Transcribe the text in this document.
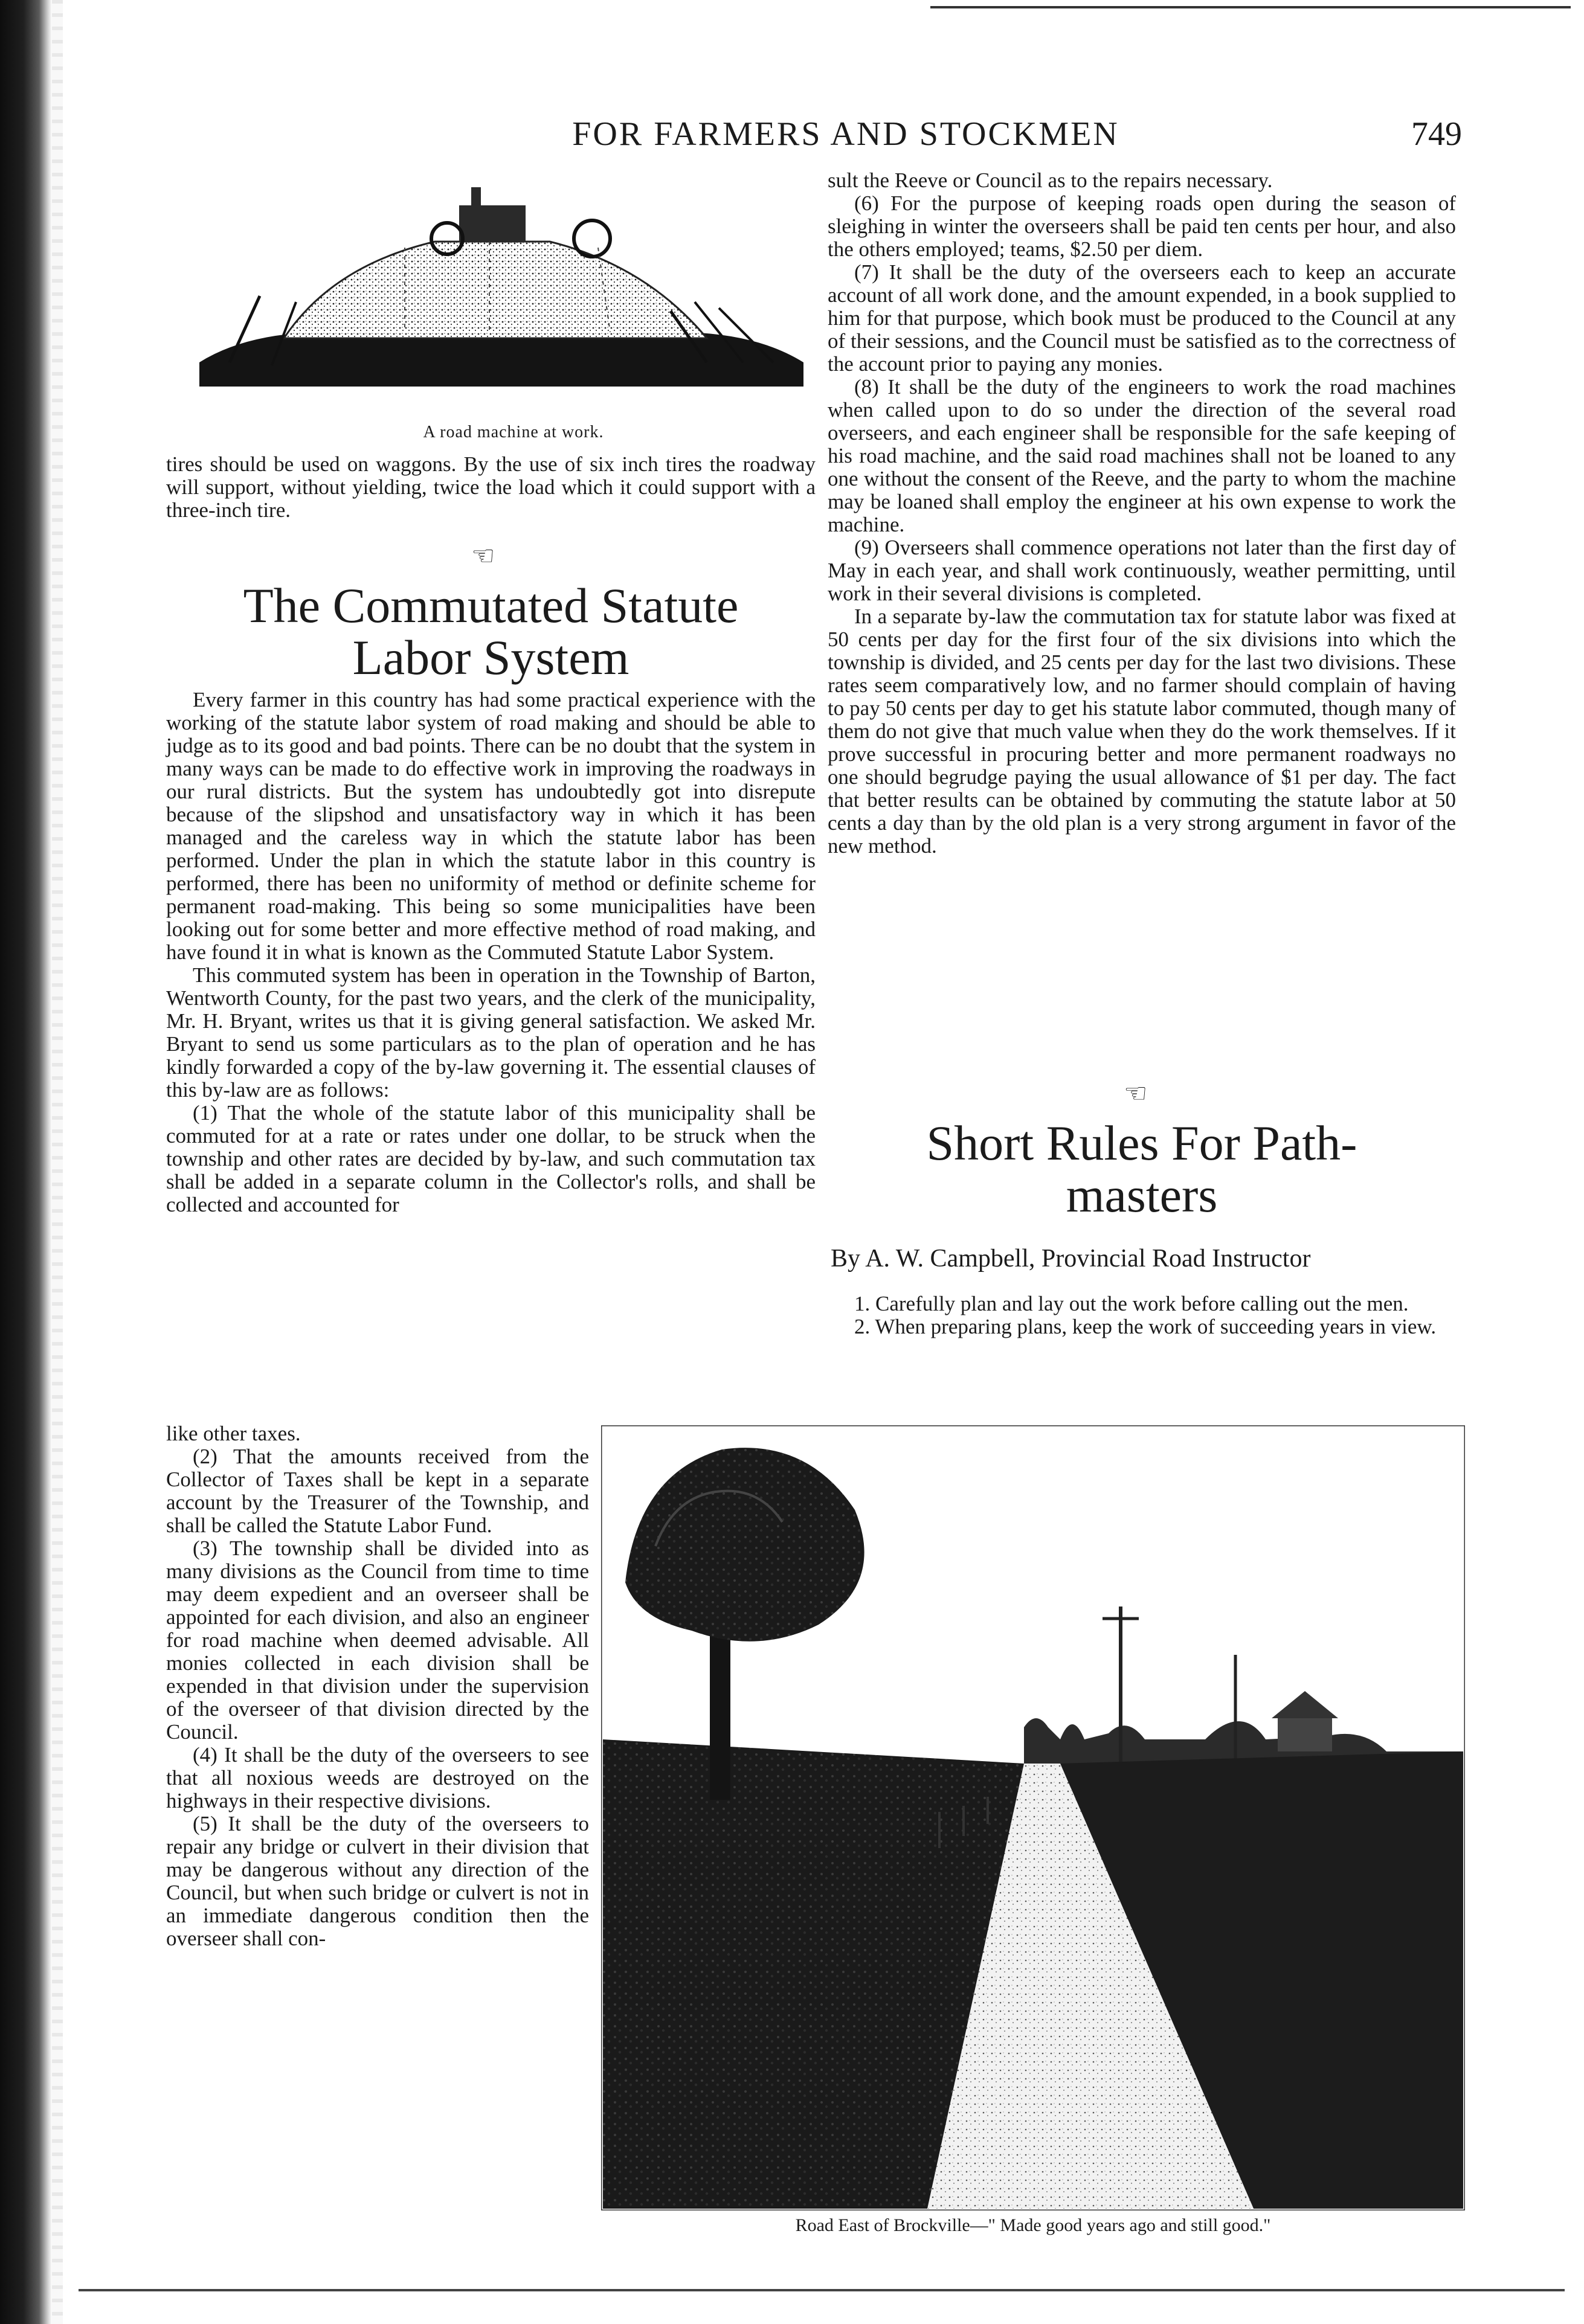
FOR FARMERS AND STOCKMEN	749
A road machine at work.

tires should be used on waggons. By the use of six inch tires the roadway will support, without yielding, twice the load which it could support with a three-inch tire.

☜
The Commutated Statute
Labor System

Every farmer in this country has had some practical experience with the working of the statute labor system of road making and should be able to judge as to its good and bad points. There can be no doubt that the system in many ways can be made to do effective work in improving the roadways in our rural districts. But the system has undoubtedly got into disrepute because of the slipshod and unsatisfactory way in which it has been managed and the careless way in which the statute labor has been performed. Under the plan in which the statute labor in this country is performed, there has been no uniformity of method or definite scheme for permanent road-making. This being so some municipalities have been looking out for some better and more effective method of road making, and have found it in what is known as the Commuted Statute Labor System.

This commuted system has been in operation in the Township of Barton, Wentworth County, for the past two years, and the clerk of the municipality, Mr. H. Bryant, writes us that it is giving general satisfaction. We asked Mr. Bryant to send us some particulars as to the plan of operation and he has kindly forwarded a copy of the by-law governing it. The essential clauses of this by-law are as follows:

(1) That the whole of the statute labor of this municipality shall be commuted for at a rate or rates under one dollar, to be struck when the township and other rates are decided by by-law, and such commutation tax shall be added in a separate column in the Collector's rolls, and shall be collected and accounted for

like other taxes.

(2) That the amounts received from the Collector of Taxes shall be kept in a separate account by the Treasurer of the Township, and shall be called the Statute Labor Fund.

(3) The township shall be divided into as many divisions as the Council from time to time may deem expedient and an overseer shall be appointed for each division, and also an engineer for road machine when deemed advisable. All monies collected in each division shall be expended in that division under the supervision of the overseer of that division directed by the Council.

(4) It shall be the duty of the overseers to see that all noxious weeds are destroyed on the highways in their respective divisions.

(5) It shall be the duty of the overseers to repair any bridge or culvert in their division that may be dangerous without any direction of the Council, but when such bridge or culvert is not in an immediate dangerous condition then the overseer shall con-

sult the Reeve or Council as to the repairs necessary.

(6) For the purpose of keeping roads open during the season of sleighing in winter the overseers shall be paid ten cents per hour, and also the others employed; teams, $2.50 per diem.

(7) It shall be the duty of the overseers each to keep an accurate account of all work done, and the amount expended, in a book supplied to him for that purpose, which book must be produced to the Council at any of their sessions, and the Council must be satisfied as to the correctness of the account prior to paying any monies.

(8) It shall be the duty of the engineers to work the road machines when called upon to do so under the direction of the several road overseers, and each engineer shall be responsible for the safe keeping of his road machine, and the said road machines shall not be loaned to any one without the consent of the Reeve, and the party to whom the machine may be loaned shall employ the engineer at his own expense to work the machine.

(9) Overseers shall commence operations not later than the first day of May in each year, and shall work continuously, weather permitting, until work in their several divisions is completed.

In a separate by-law the commutation tax for statute labor was fixed at 50 cents per day for the first four of the six divisions into which the township is divided, and 25 cents per day for the last two divisions. These rates seem comparatively low, and no farmer should complain of having to pay 50 cents per day to get his statute labor commuted, though many of them do not give that much value when they do the work themselves. If it prove successful in procuring better and more permanent roadways no one should begrudge paying the usual allowance of $1 per day. The fact that better results can be obtained by commuting the statute labor at 50 cents a day than by the old plan is a very strong argument in favor of the new method.

☜
Short Rules For Path-
masters
By A. W. Campbell, Provincial Road Instructor

1. Carefully plan and lay out the work before calling out the men.

2. When preparing plans, keep the work of succeeding years in view.

Road East of Brockville—" Made good years ago and still good."
